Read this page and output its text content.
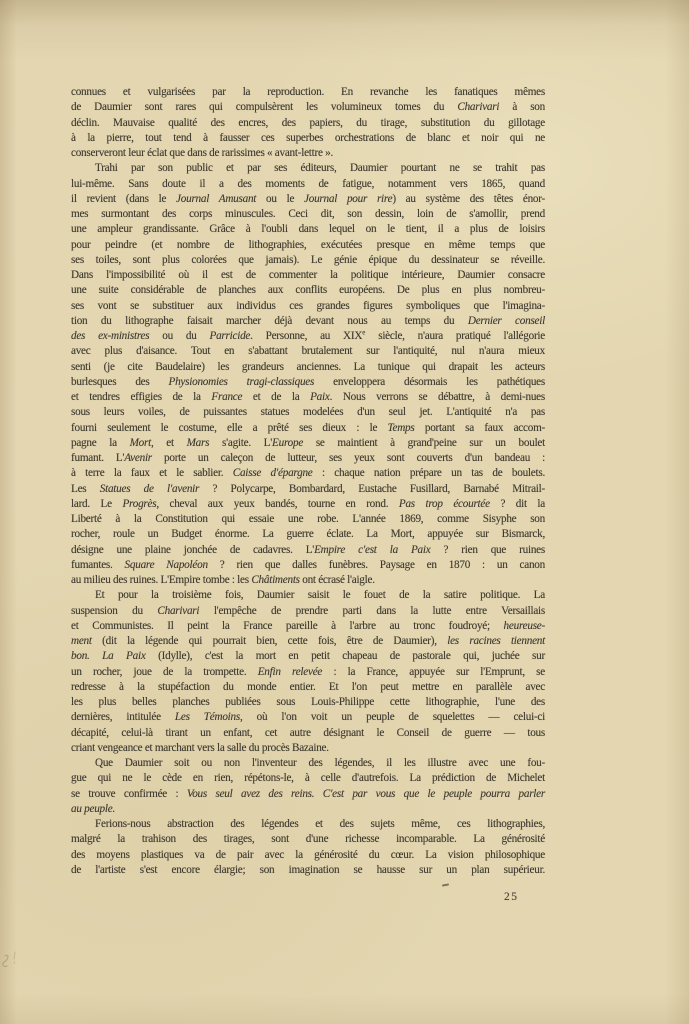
connues et vulgarisées par la reproduction. En revanche les fanatiques mêmes
de Daumier sont rares qui compulsèrent les volumineux tomes du Charivari à son
déclin. Mauvaise qualité des encres, des papiers, du tirage, substitution du gillotage
à la pierre, tout tend à fausser ces superbes orchestrations de blanc et noir qui ne
conserveront leur éclat que dans de rarissimes « avant-lettre ».
Trahi par son public et par ses éditeurs, Daumier pourtant ne se trahit pas
lui-même. Sans doute il a des moments de fatigue, notamment vers 1865, quand
il revient (dans le Journal Amusant ou le Journal pour rire) au système des têtes énor-
mes surmontant des corps minuscules. Ceci dit, son dessin, loin de s'amollir, prend
une ampleur grandissante. Grâce à l'oubli dans lequel on le tient, il a plus de loisirs
pour peindre (et nombre de lithographies, exécutées presque en même temps que
ses toiles, sont plus colorées que jamais). Le génie épique du dessinateur se réveille.
Dans l'impossibilité où il est de commenter la politique intérieure, Daumier consacre
une suite considérable de planches aux conflits européens. De plus en plus nombreu-
ses vont se substituer aux individus ces grandes figures symboliques que l'imagina-
tion du lithographe faisait marcher déjà devant nous au temps du Dernier conseil
des ex-ministres ou du Parricide. Personne, au XIXe siècle, n'aura pratiqué l'allégorie
avec plus d'aisance. Tout en s'abattant brutalement sur l'antiquité, nul n'aura mieux
senti (je cite Baudelaire) les grandeurs anciennes. La tunique qui drapait les acteurs
burlesques des Physionomies tragi-classiques enveloppera désormais les pathétiques
et tendres effigies de la France et de la Paix. Nous verrons se débattre, à demi-nues
sous leurs voiles, de puissantes statues modelées d'un seul jet. L'antiquité n'a pas
fourni seulement le costume, elle a prêté ses dieux : le Temps portant sa faux accom-
pagne la Mort, et Mars s'agite. L'Europe se maintient à grand'peine sur un boulet
fumant. L'Avenir porte un caleçon de lutteur, ses yeux sont couverts d'un bandeau :
à terre la faux et le sablier. Caisse d'épargne : chaque nation prépare un tas de boulets.
Les Statues de l'avenir ? Polycarpe, Bombardard, Eustache Fusillard, Barnabé Mitrail-
lard. Le Progrès, cheval aux yeux bandés, tourne en rond. Pas trop écourtée ? dit la
Liberté à la Constitution qui essaie une robe. L'année 1869, comme Sisyphe son
rocher, roule un Budget énorme. La guerre éclate. La Mort, appuyée sur Bismarck,
désigne une plaine jonchée de cadavres. L'Empire c'est la Paix ? rien que ruines
fumantes. Square Napoléon ? rien que dalles funèbres. Paysage en 1870 : un canon
au milieu des ruines. L'Empire tombe : les Châtiments ont écrasé l'aigle.
Et pour la troisième fois, Daumier saisit le fouet de la satire politique. La
suspension du Charivari l'empêche de prendre parti dans la lutte entre Versaillais
et Communistes. Il peint la France pareille à l'arbre au tronc foudroyé; heureuse-
ment (dit la légende qui pourrait bien, cette fois, être de Daumier), les racines tiennent
bon. La Paix (Idylle), c'est la mort en petit chapeau de pastorale qui, juchée sur
un rocher, joue de la trompette. Enfin relevée : la France, appuyée sur l'Emprunt, se
redresse à la stupéfaction du monde entier. Et l'on peut mettre en parallèle avec
les plus belles planches publiées sous Louis-Philippe cette lithographie, l'une des
dernières, intitulée Les Témoins, où l'on voit un peuple de squelettes — celui-ci
décapité, celui-là tirant un enfant, cet autre désignant le Conseil de guerre — tous
criant vengeance et marchant vers la salle du procès Bazaine.
Que Daumier soit ou non l'inventeur des légendes, il les illustre avec une fou-
gue qui ne le cède en rien, répétons-le, à celle d'autrefois. La prédiction de Michelet
se trouve confirmée : Vous seul avez des reins. C'est par vous que le peuple pourra parler
au peuple.
Ferions-nous abstraction des légendes et des sujets même, ces lithographies,
malgré la trahison des tirages, sont d'une richesse incomparable. La générosité
des moyens plastiques va de pair avec la générosité du cœur. La vision philosophique
de l'artiste s'est encore élargie; son imagination se hausse sur un plan supérieur.
25
